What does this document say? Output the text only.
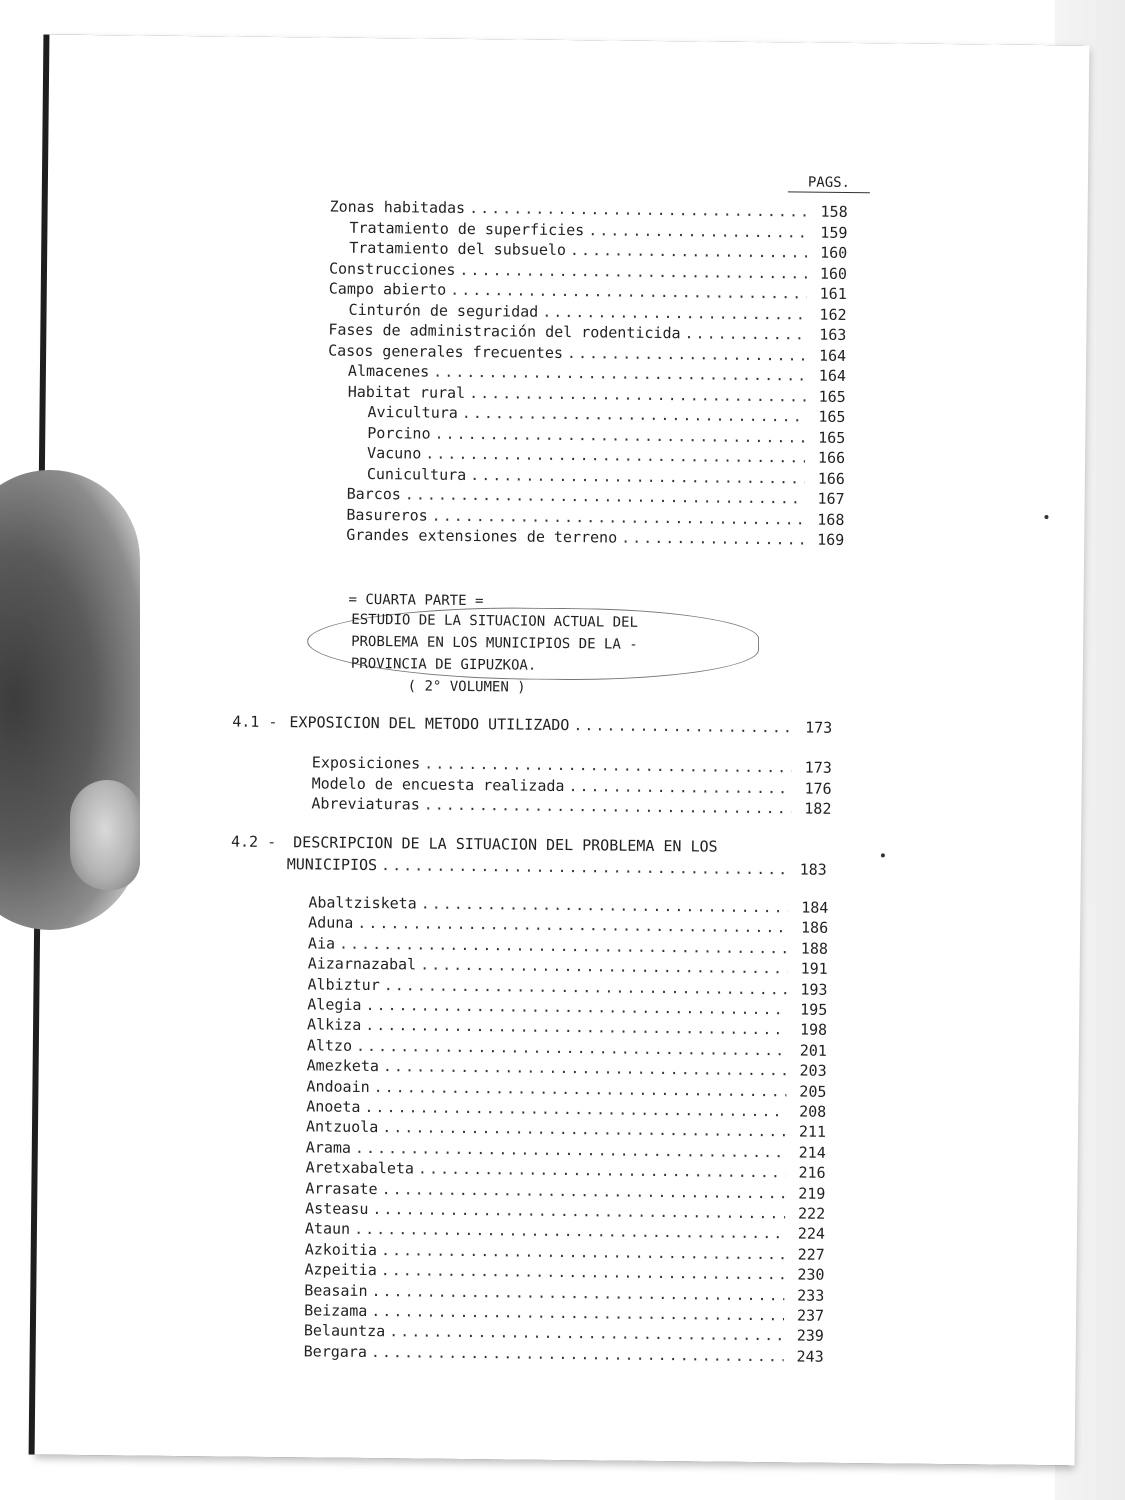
PAGS.
Zonas habitadas .....	158
Tratamiento de superficies .....	159
Tratamiento del subsuelo .....	160
Construcciones .....	160
Campo abierto .....	161
Cinturón de seguridad .....	162
Fases de administración del rodenticida .....	163
Casos generales frecuentes .....	164
Almacenes .....	164
Habitat rural .....	165
Avicultura .....	165
Porcino .....	165
Vacuno .....	166
Cunicultura .....	166
Barcos .....	167
Basureros .....	168
Grandes extensiones de terreno .....	169
= CUARTA PARTE =
ESTUDIO DE LA SITUACION ACTUAL DEL
PROBLEMA EN LOS MUNICIPIOS DE LA -
PROVINCIA DE GIPUZKOA.
( 2° VOLUMEN )
4.1 - EXPOSICION DEL METODO UTILIZADO .....	173
Exposiciones .....	173
Modelo de encuesta realizada .....	176
Abreviaturas .....	182
4.2 - DESCRIPCION DE LA SITUACION DEL PROBLEMA EN LOS
MUNICIPIOS .....	183
Abaltzisketa .....	184
Aduna .....	186
Aia .....	188
Aizarnazabal .....	191
Albiztur .....	193
Alegia .....	195
Alkiza .....	198
Altzo .....	201
Amezketa .....	203
Andoain .....	205
Anoeta .....	208
Antzuola .....	211
Arama .....	214
Aretxabaleta .....	216
Arrasate .....	219
Asteasu .....	222
Ataun .....	224
Azkoitia .....	227
Azpeitia .....	230
Beasain .....	233
Beizama .....	237
Belauntza .....	239
Bergara .....	243
